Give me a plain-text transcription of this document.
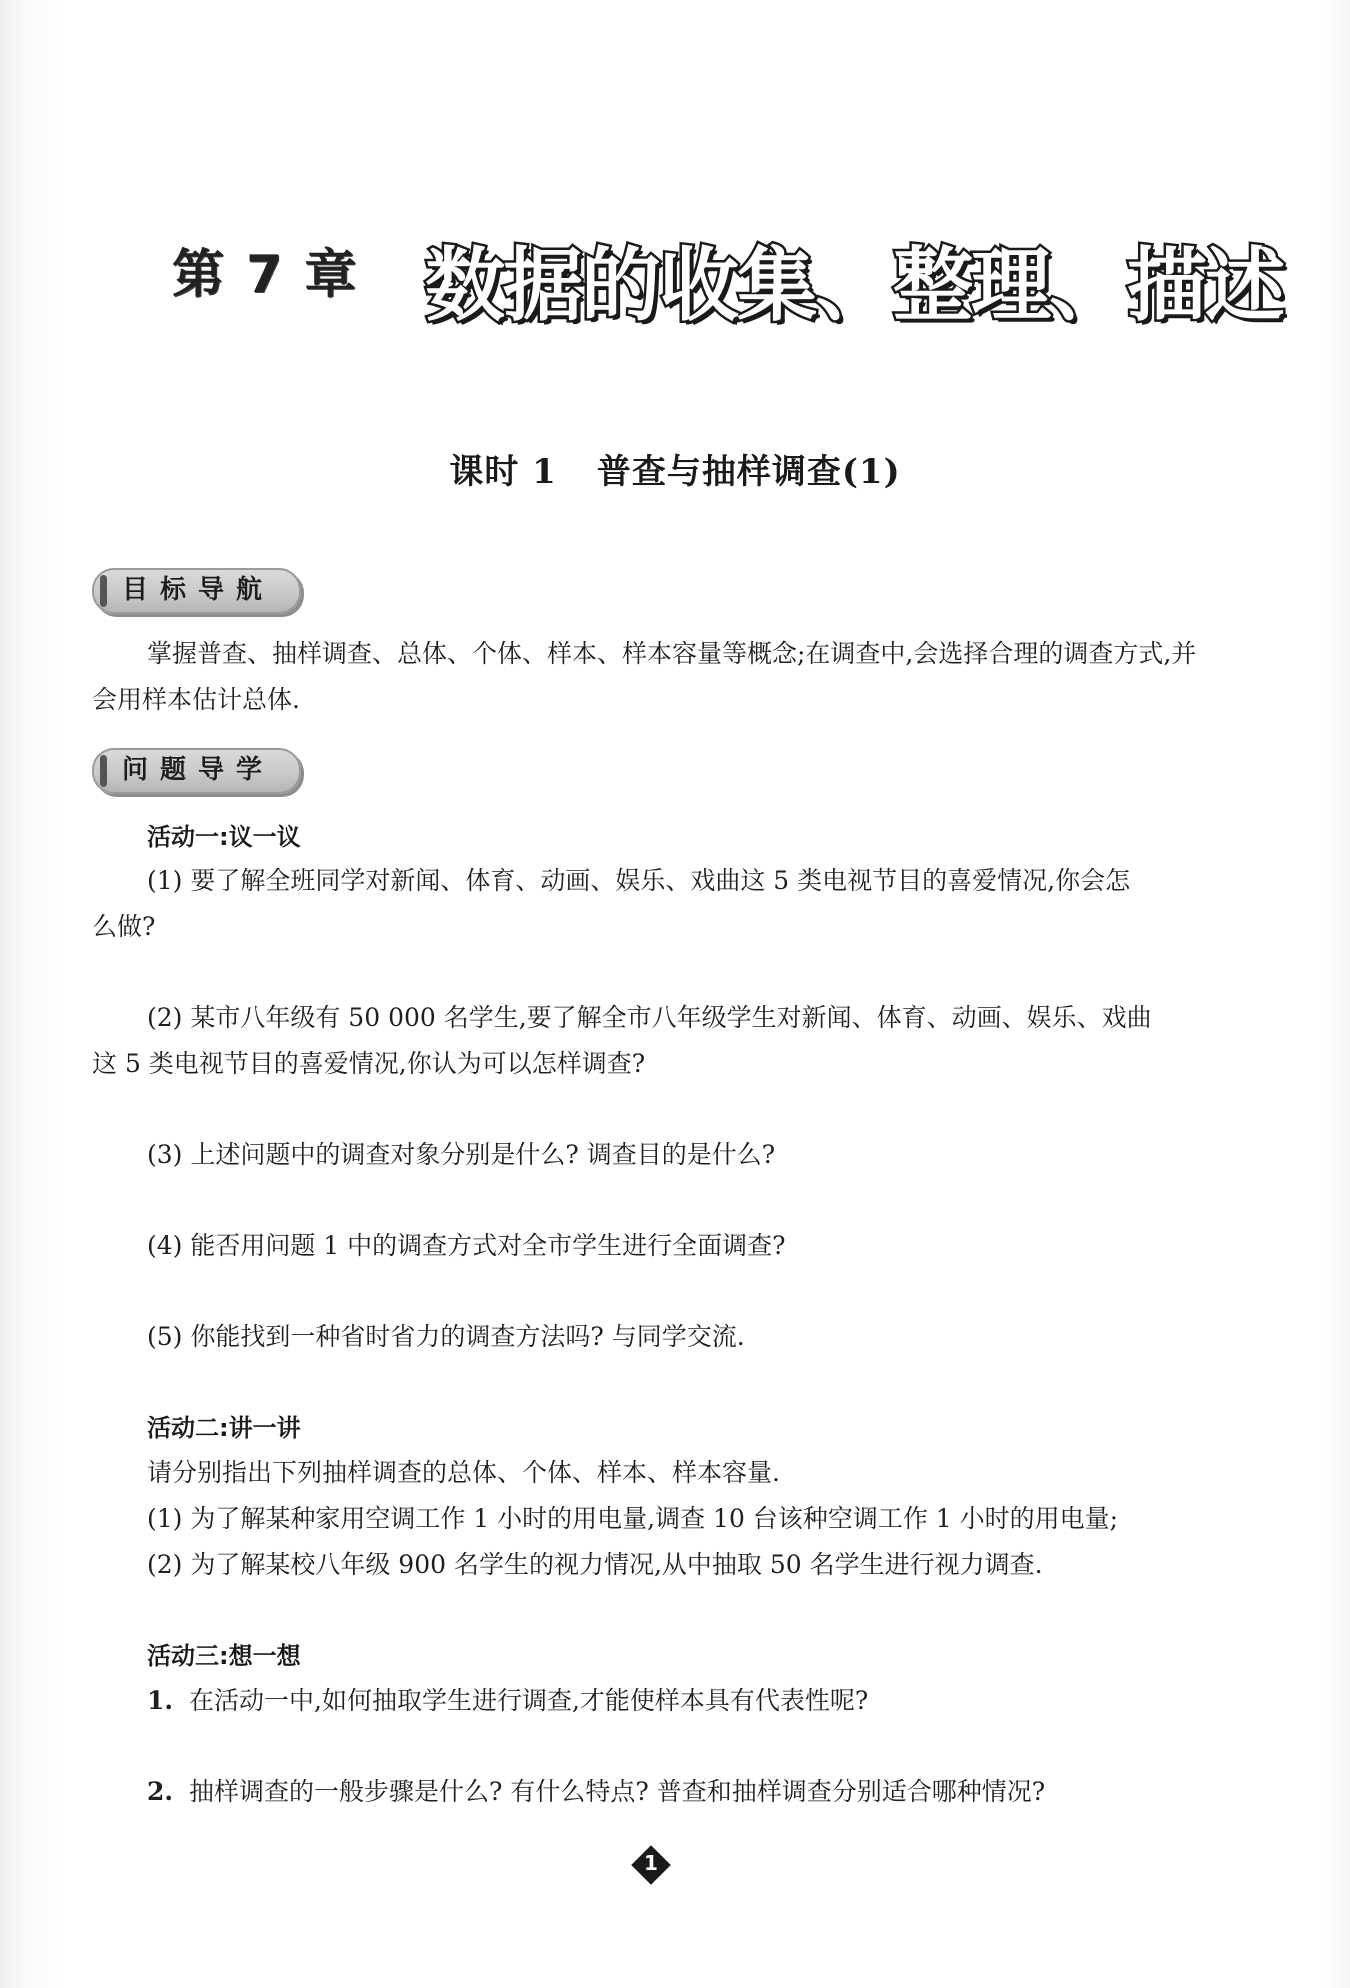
第 7 章 数据的收集、整理、描述
课时 1 普查与抽样调查(1)
目标导航
掌握普查、抽样调查、总体、个体、样本、样本容量等概念;在调查中,会选择合理的调查方式,并会用样本估计总体.
问题导学
活动一:议一议
(1) 要了解全班同学对新闻、体育、动画、娱乐、戏曲这 5 类电视节目的喜爱情况,你会怎
么做?
(2) 某市八年级有 50 000 名学生,要了解全市八年级学生对新闻、体育、动画、娱乐、戏曲
这 5 类电视节目的喜爱情况,你认为可以怎样调查?
(3) 上述问题中的调查对象分别是什么? 调查目的是什么?
(4) 能否用问题 1 中的调查方式对全市学生进行全面调查?
(5) 你能找到一种省时省力的调查方法吗? 与同学交流.
活动二:讲一讲
请分别指出下列抽样调查的总体、个体、样本、样本容量.
(1) 为了解某种家用空调工作 1 小时的用电量,调查 10 台该种空调工作 1 小时的用电量;
(2) 为了解某校八年级 900 名学生的视力情况,从中抽取 50 名学生进行视力调查.
活动三:想一想
1. 在活动一中,如何抽取学生进行调查,才能使样本具有代表性呢?
2. 抽样调查的一般步骤是什么? 有什么特点? 普查和抽样调查分别适合哪种情况?
1
